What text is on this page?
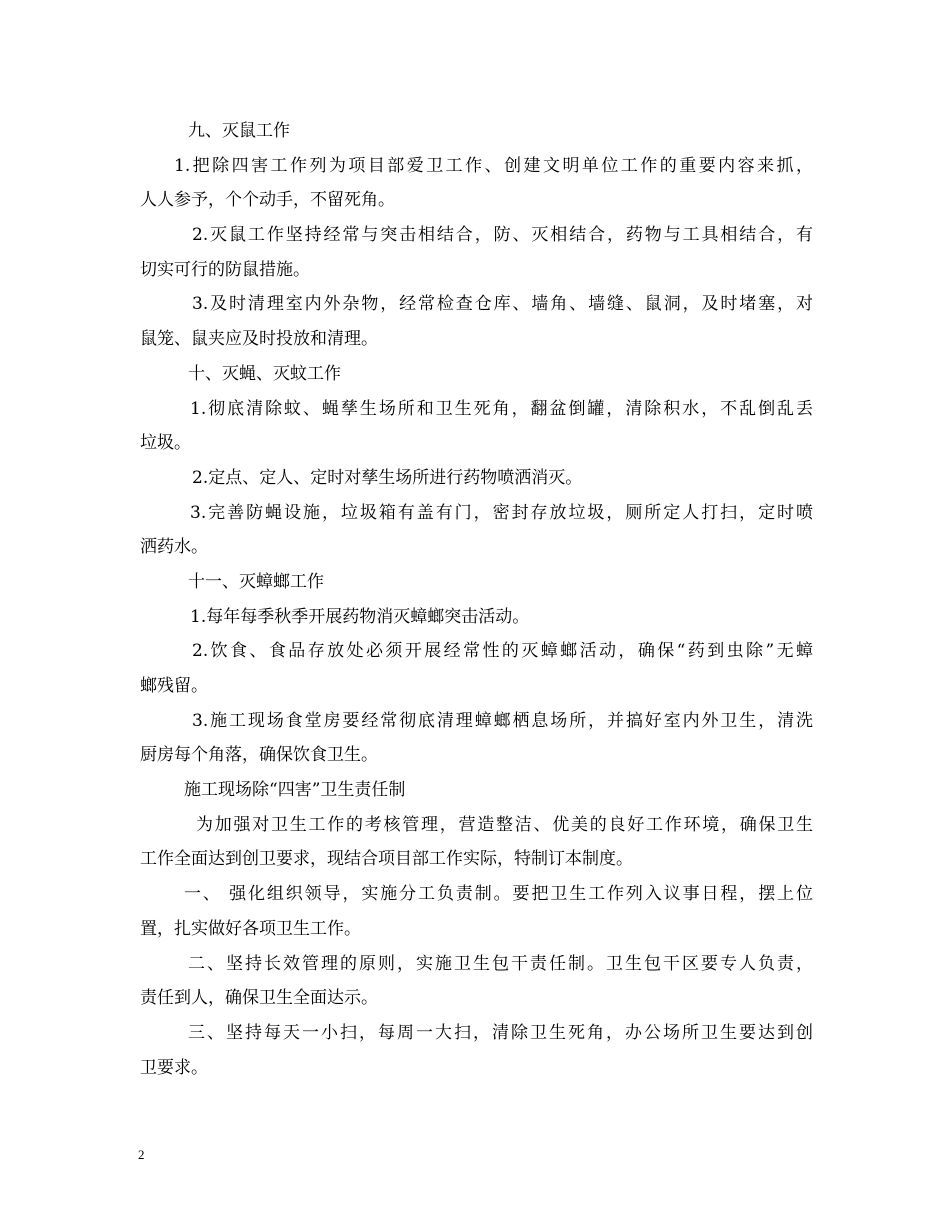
九、灭鼠工作
1.把除四害工作列为项目部爱卫工作、创建文明单位工作的重要内容来抓，
人人参予，个个动手，不留死角。
2.灭鼠工作坚持经常与突击相结合，防、灭相结合，药物与工具相结合，有
切实可行的防鼠措施。
3.及时清理室内外杂物，经常检查仓库、墙角、墙缝、鼠洞，及时堵塞，对
鼠笼、鼠夹应及时投放和清理。
十、灭蝇、灭蚊工作
1.彻底清除蚊、蝇孳生场所和卫生死角，翻盆倒罐，清除积水，不乱倒乱丢
垃圾。
2.定点、定人、定时对孳生场所进行药物喷洒消灭。
3.完善防蝇设施，垃圾箱有盖有门，密封存放垃圾，厕所定人打扫，定时喷
洒药水。
十一、灭蟑螂工作
1.每年每季秋季开展药物消灭蟑螂突击活动。
2.饮食、食品存放处必须开展经常性的灭蟑螂活动，确保“药到虫除”无蟑
螂残留。
3.施工现场食堂房要经常彻底清理蟑螂栖息场所，并搞好室内外卫生，清洗
厨房每个角落，确保饮食卫生。
施工现场除“四害”卫生责任制
为加强对卫生工作的考核管理，营造整洁、优美的良好工作环境，确保卫生
工作全面达到创卫要求，现结合项目部工作实际，特制订本制度。
一、 强化组织领导，实施分工负责制。要把卫生工作列入议事日程，摆上位
置，扎实做好各项卫生工作。
二、坚持长效管理的原则，实施卫生包干责任制。卫生包干区要专人负责，
责任到人，确保卫生全面达示。
三、坚持每天一小扫，每周一大扫，清除卫生死角，办公场所卫生要达到创
卫要求。
2
